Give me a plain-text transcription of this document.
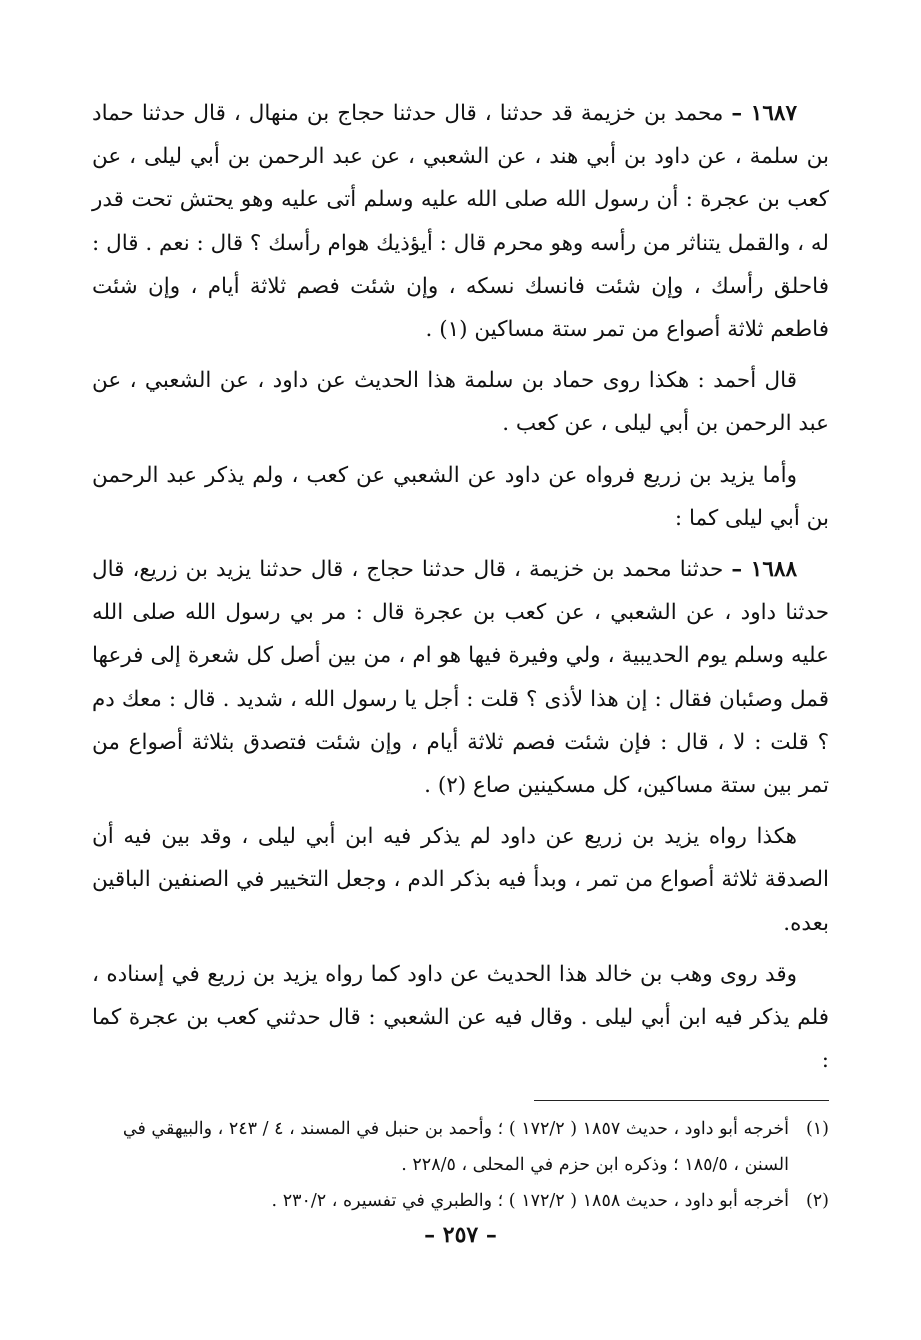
١٦٨٧ – محمد بن خزيمة قد حدثنا ، قال حدثنا حجاج بن منهال ، قال حدثنا حماد بن سلمة ، عن داود بن أبي هند ، عن الشعبي ، عن عبد الرحمن بن أبي ليلى ، عن كعب بن عجرة : أن رسول الله صلى الله عليه وسلم أتى عليه وهو يحتش تحت قدر له ، والقمل يتناثر من رأسه وهو محرم قال : أيؤذيك هوام رأسك ؟ قال : نعم . قال : فاحلق رأسك ، وإن شئت فانسك نسكه ، وإن شئت فصم ثلاثة أيام ، وإن شئت فاطعم ثلاثة أصواع من تمر ستة مساكين (١) .

قال أحمد : هكذا روى حماد بن سلمة هذا الحديث عن داود ، عن الشعبي ، عن عبد الرحمن بن أبي ليلى ، عن كعب .

وأما يزيد بن زريع فرواه عن داود عن الشعبي عن كعب ، ولم يذكر عبد الرحمن بن أبي ليلى كما :

١٦٨٨ – حدثنا محمد بن خزيمة ، قال حدثنا حجاج ، قال حدثنا يزيد بن زريع، قال حدثنا داود ، عن الشعبي ، عن كعب بن عجرة قال : مر بي رسول الله صلى الله عليه وسلم يوم الحديبية ، ولي وفيرة فيها هو ام ، من بين أصل كل شعرة إلى فرعها قمل وصئبان فقال : إن هذا لأذى ؟ قلت : أجل يا رسول الله ، شديد . قال : معك دم ؟ قلت : لا ، قال : فإن شئت فصم ثلاثة أيام ، وإن شئت فتصدق بثلاثة أصواع من تمر بين ستة مساكين، كل مسكينين صاع (٢) .

هكذا رواه يزيد بن زريع عن داود لم يذكر فيه ابن أبي ليلى ، وقد بين فيه أن الصدقة ثلاثة أصواع من تمر ، وبدأ فيه بذكر الدم ، وجعل التخيير في الصنفين الباقين بعده.

وقد روى وهب بن خالد هذا الحديث عن داود كما رواه يزيد بن زريع في إسناده ، فلم يذكر فيه ابن أبي ليلى . وقال فيه عن الشعبي : قال حدثني كعب بن عجرة كما :

(١)
أخرجه أبو داود ، حديث ١٨٥٧ ( ١٧٢/٢ ) ؛ وأحمد بن حنبل في المسند ، ٤ / ٢٤٣ ، والبيهقي في السنن ، ١٨٥/٥ ؛ وذكره ابن حزم في المحلى ، ٢٢٨/٥ .
(٢)
أخرجه أبو داود ، حديث ١٨٥٨ ( ١٧٢/٢ ) ؛ والطبري في تفسيره ، ٢٣٠/٢ .
– ٢٥٧ –
